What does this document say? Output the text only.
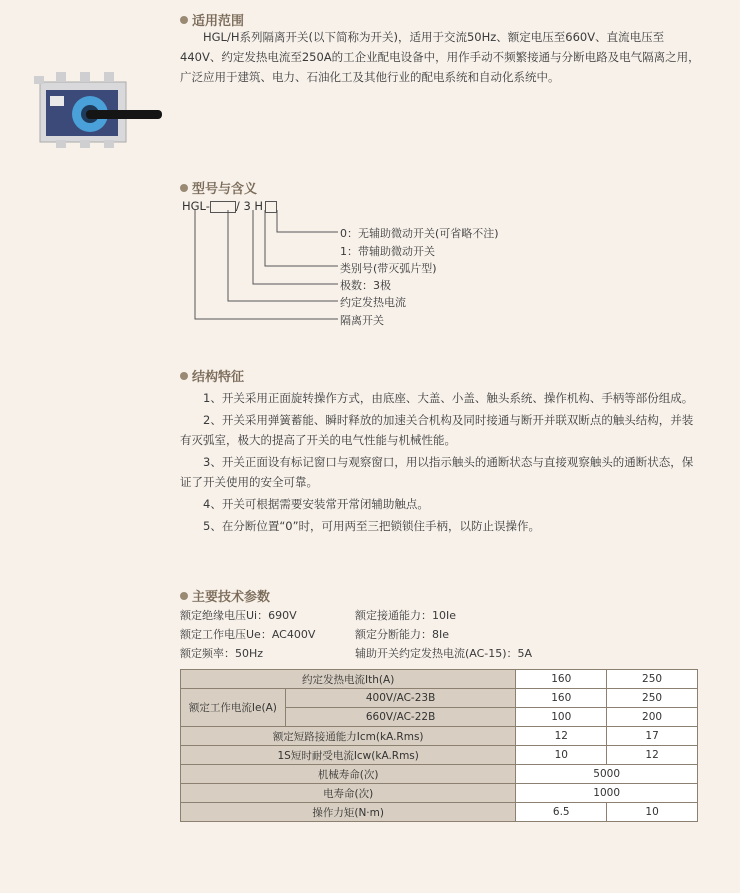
适用范围

HGL/H系列隔离开关(以下简称为开关)，适用于交流50Hz、额定电压至660V、直流电压至440V、约定发热电流至250A的工企业配电设备中，用作手动不频繁接通与分断电路及电气隔离之用，广泛应用于建筑、电力、石油化工及其他行业的配电系统和自动化系统中。

型号与含义
HGL- / 3 H
0：无辅助微动开关(可省略不注)
1：带辅助微动开关
类别号(带灭弧片型)
极数：3极
约定发热电流
隔离开关
结构特征

1、开关采用正面旋转操作方式，由底座、大盖、小盖、触头系统、操作机构、手柄等部份组成。

2、开关采用弹簧蓄能、瞬时释放的加速关合机构及同时接通与断开并联双断点的触头结构，并装有灭弧室，极大的提高了开关的电气性能与机械性能。

3、开关正面设有标记窗口与观察窗口，用以指示触头的通断状态与直接观察触头的通断状态，保证了开关使用的安全可靠。

4、开关可根据需要安装常开常闭辅助触点。

5、在分断位置“0”时，可用两至三把锁锁住手柄，以防止误操作。

主要技术参数
额定绝缘电压Ui：690V
额定工作电压Ue：AC400V
额定频率：50Hz
额定接通能力：10Ie
额定分断能力：8Ie
辅助开关约定发热电流(AC-15)：5A
约定发热电流Ith(A)		160	250
额定工作电流Ie(A)	400V/AC-23B	160	250
	660V/AC-22B	100	200
额定短路接通能力Icm(kA.Rms)		12	17
1S短时耐受电流Icw(kA.Rms)		10	12
机械寿命(次)		5000	
电寿命(次)		1000	
操作力矩(N·m)		6.5	10
